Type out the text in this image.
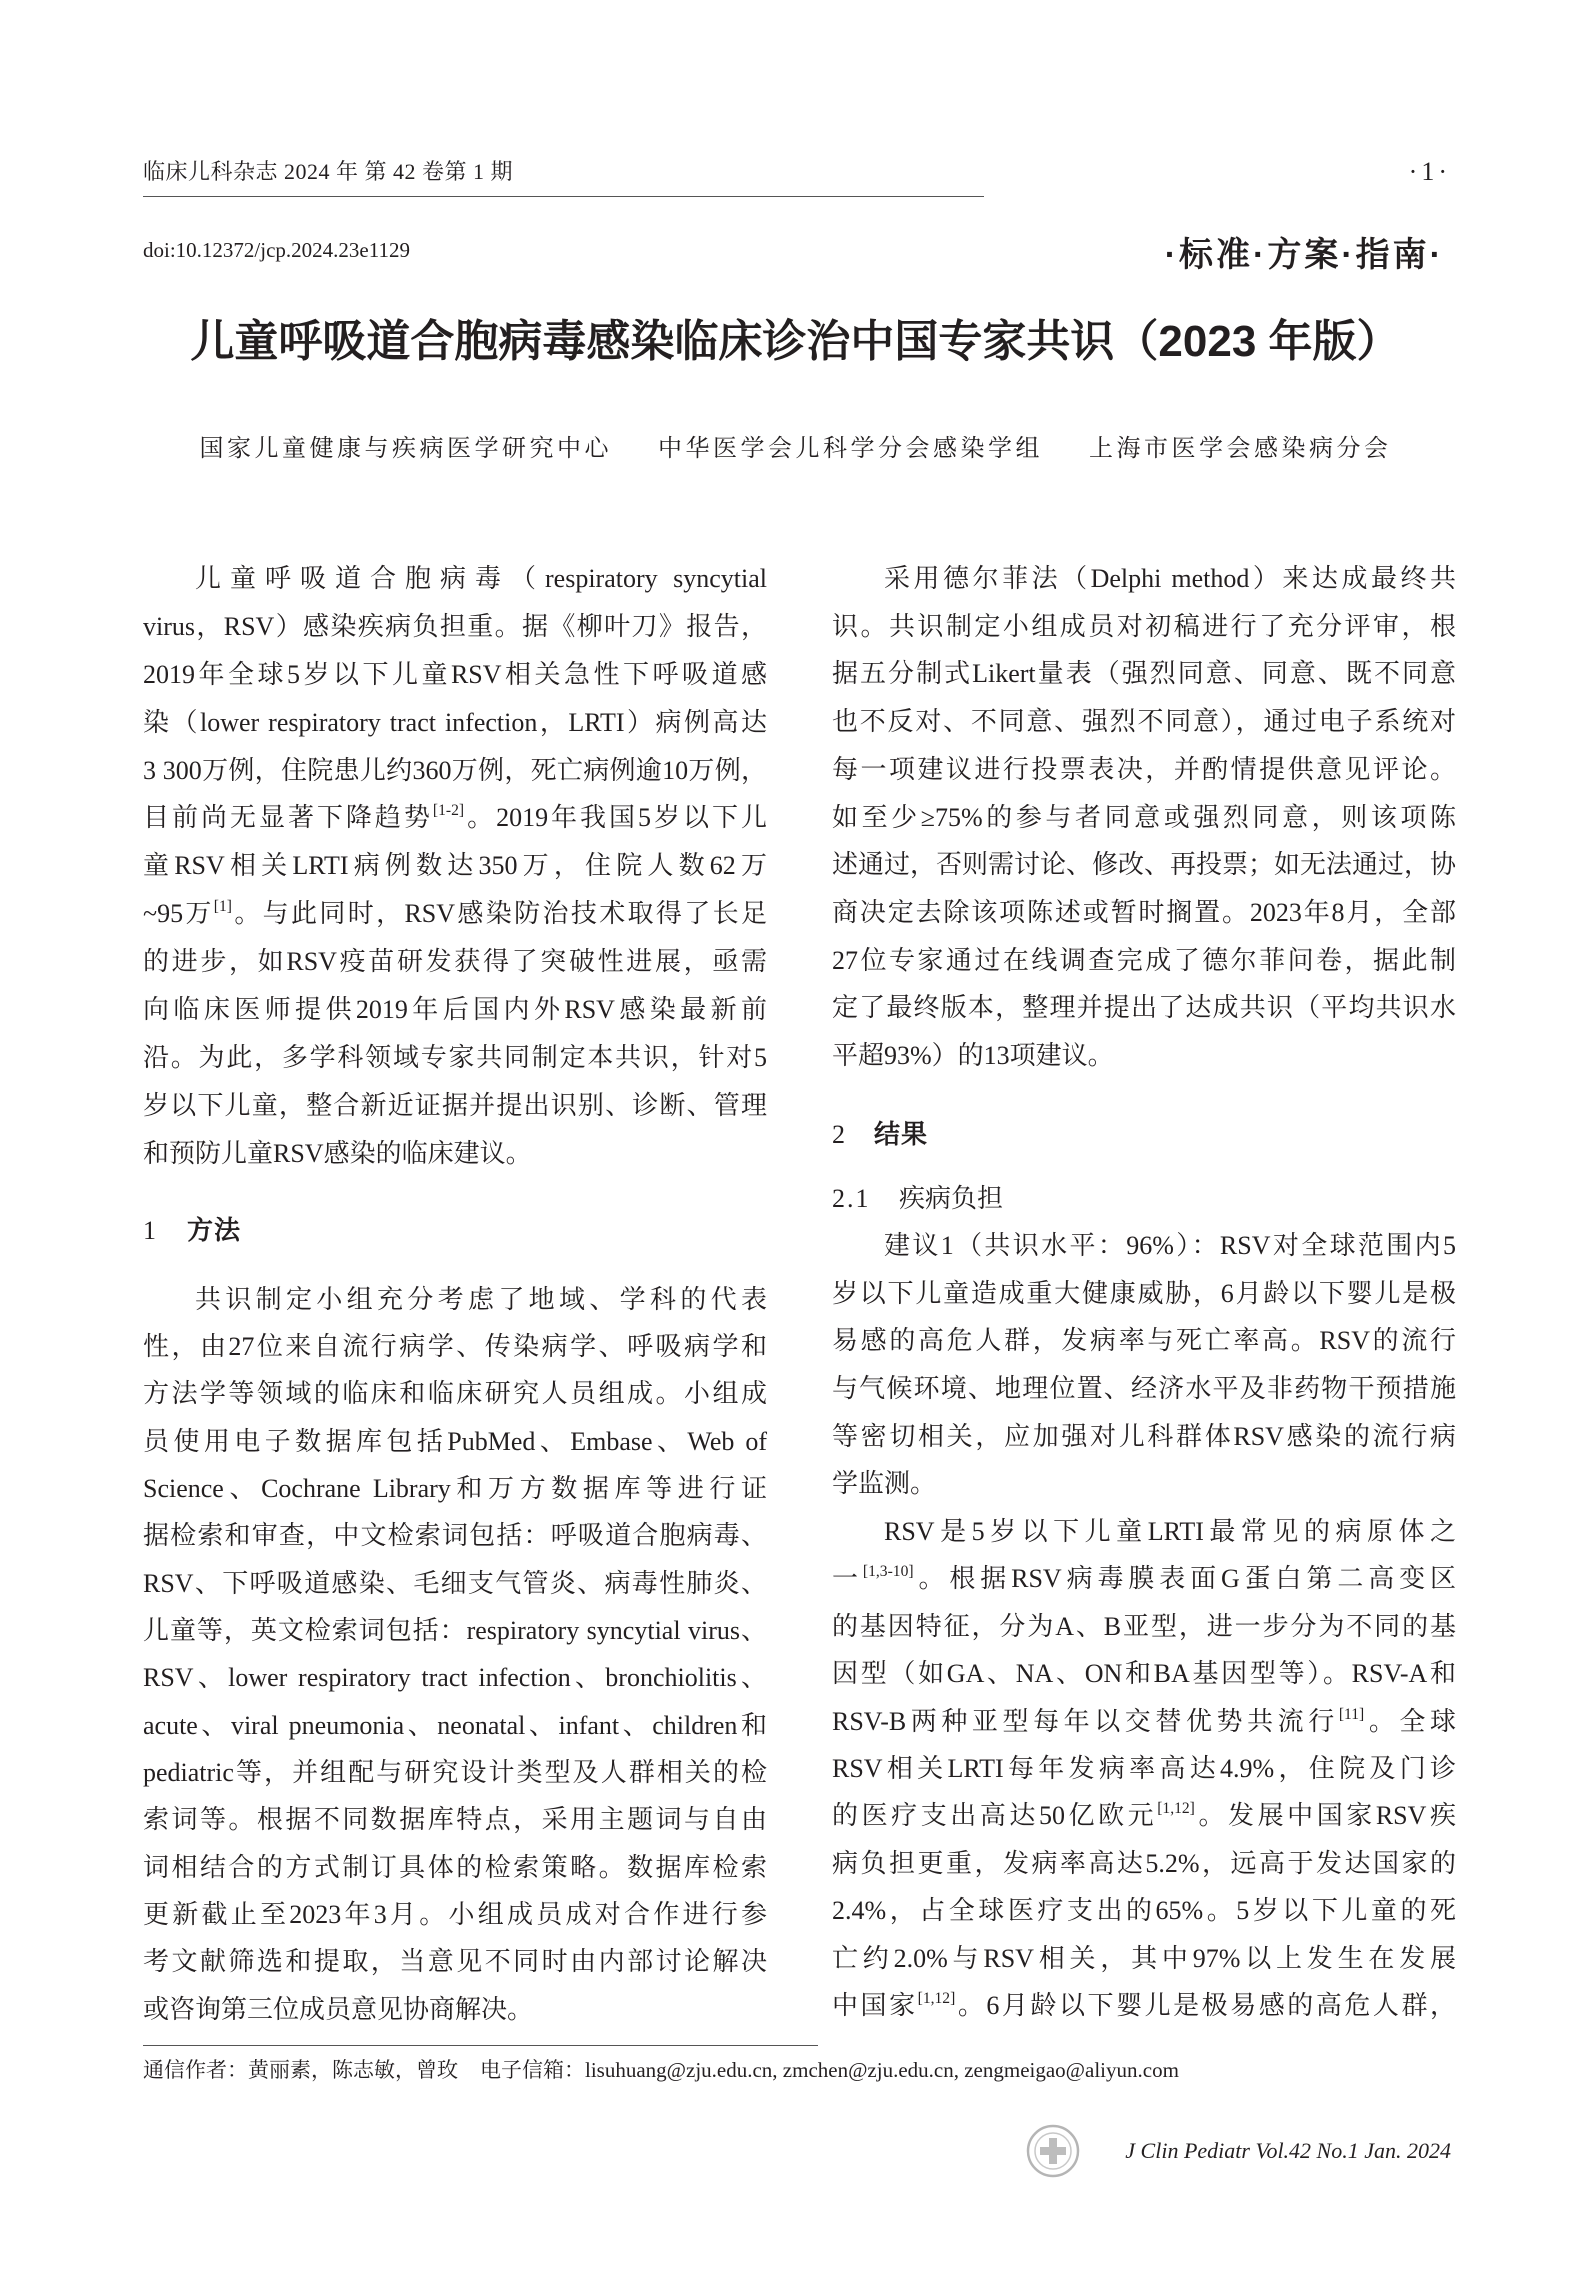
临床儿科杂志 2024 年 第 42 卷第 1 期	·1·
doi:10.12372/jcp.2024.23e1129	·标准·方案·指南·
儿童呼吸道合胞病毒感染临床诊治中国专家共识（2023 年版）
国家儿童健康与疾病医学研究中心 中华医学会儿科学分会感染学组 上海市医学会感染病分会
儿童呼吸道合胞病毒（respiratory syncytial
virus，RSV）感染疾病负担重。据《柳叶刀》报告，
2019年全球5岁以下儿童RSV相关急性下呼吸道感
染（lower respiratory tract infection，LRTI）病例高达
3 300万例，住院患儿约360万例，死亡病例逾10万例，
目前尚无显著下降趋势[1-2]。2019年我国5岁以下儿
童RSV相关LRTI病例数达350万，住院人数62万
~95万[1]。与此同时，RSV感染防治技术取得了长足
的进步，如RSV疫苗研发获得了突破性进展，亟需
向临床医师提供2019年后国内外RSV感染最新前
沿。为此，多学科领域专家共同制定本共识，针对5
岁以下儿童，整合新近证据并提出识别、诊断、管理
和预防儿童RSV感染的临床建议。
1 方法
共识制定小组充分考虑了地域、学科的代表
性，由27位来自流行病学、传染病学、呼吸病学和
方法学等领域的临床和临床研究人员组成。小组成
员使用电子数据库包括PubMed、Embase、Web of
Science、Cochrane Library和万方数据库等进行证
据检索和审查，中文检索词包括：呼吸道合胞病毒、
RSV、下呼吸道感染、毛细支气管炎、病毒性肺炎、
儿童等，英文检索词包括：respiratory syncytial virus、
RSV、lower respiratory tract infection、bronchiolitis、
acute、viral pneumonia、neonatal、infant、children和
pediatric等，并组配与研究设计类型及人群相关的检
索词等。根据不同数据库特点，采用主题词与自由
词相结合的方式制订具体的检索策略。数据库检索
更新截止至2023年3月。小组成员成对合作进行参
考文献筛选和提取，当意见不同时由内部讨论解决
或咨询第三位成员意见协商解决。
采用德尔菲法（Delphi method）来达成最终共
识。共识制定小组成员对初稿进行了充分评审，根
据五分制式Likert量表（强烈同意、同意、既不同意
也不反对、不同意、强烈不同意），通过电子系统对
每一项建议进行投票表决，并酌情提供意见评论。
如至少≥75%的参与者同意或强烈同意，则该项陈
述通过，否则需讨论、修改、再投票；如无法通过，协
商决定去除该项陈述或暂时搁置。2023年8月，全部
27位专家通过在线调查完成了德尔菲问卷，据此制
定了最终版本，整理并提出了达成共识（平均共识水
平超93%）的13项建议。
2 结果
2.1 疾病负担
建议1（共识水平：96%）：RSV对全球范围内5
岁以下儿童造成重大健康威胁，6月龄以下婴儿是极
易感的高危人群，发病率与死亡率高。RSV的流行
与气候环境、地理位置、经济水平及非药物干预措施
等密切相关，应加强对儿科群体RSV感染的流行病
学监测。
RSV是5岁以下儿童LRTI最常见的病原体之
一[1,3-10]。根据RSV病毒膜表面G蛋白第二高变区
的基因特征，分为A、B亚型，进一步分为不同的基
因型（如GA、NA、ON和BA基因型等）。RSV-A和
RSV-B两种亚型每年以交替优势共流行[11]。全球
RSV相关LRTI每年发病率高达4.9%，住院及门诊
的医疗支出高达50亿欧元[1,12]。发展中国家RSV疾
病负担更重，发病率高达5.2%，远高于发达国家的
2.4%，占全球医疗支出的65%。5岁以下儿童的死
亡约2.0%与RSV相关，其中97%以上发生在发展
中国家[1,12]。6月龄以下婴儿是极易感的高危人群，
通信作者：黄丽素，陈志敏，曾玫 电子信箱：lisuhuang@zju.edu.cn, zmchen@zju.edu.cn, zengmeigao@aliyun.com
J Clin Pediatr Vol.42 No.1 Jan. 2024
